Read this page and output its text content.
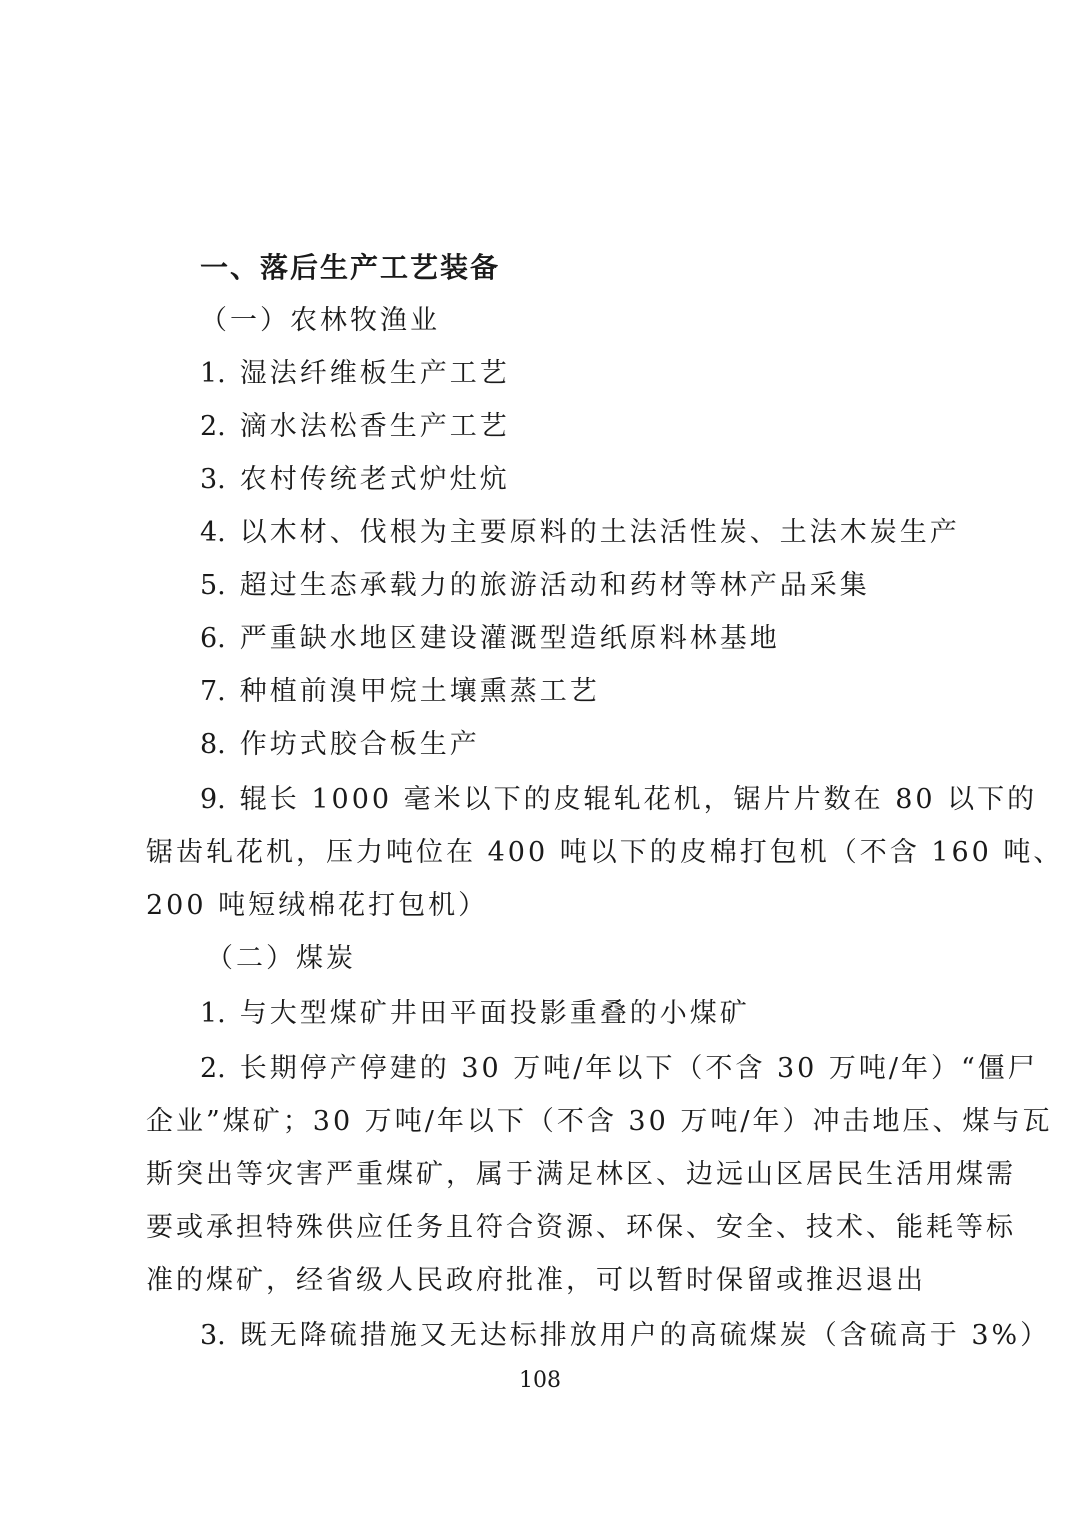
一、落后生产工艺装备
（一）农林牧渔业
1. 湿法纤维板生产工艺
2. 滴水法松香生产工艺
3. 农村传统老式炉灶炕
4. 以木材、伐根为主要原料的土法活性炭、土法木炭生产
5. 超过生态承载力的旅游活动和药材等林产品采集
6. 严重缺水地区建设灌溉型造纸原料林基地
7. 种植前溴甲烷土壤熏蒸工艺
8. 作坊式胶合板生产
9. 辊长 1000 毫米以下的皮辊轧花机，锯片片数在 80 以下的
锯齿轧花机，压力吨位在 400 吨以下的皮棉打包机（不含 160 吨、
200 吨短绒棉花打包机）
（二）煤炭
1. 与大型煤矿井田平面投影重叠的小煤矿
2. 长期停产停建的 30 万吨/年以下（不含 30 万吨/年）“僵尸
企业”煤矿；30 万吨/年以下（不含 30 万吨/年）冲击地压、煤与瓦
斯突出等灾害严重煤矿，属于满足林区、边远山区居民生活用煤需
要或承担特殊供应任务且符合资源、环保、安全、技术、能耗等标
准的煤矿，经省级人民政府批准，可以暂时保留或推迟退出
3. 既无降硫措施又无达标排放用户的高硫煤炭（含硫高于 3%）
108
